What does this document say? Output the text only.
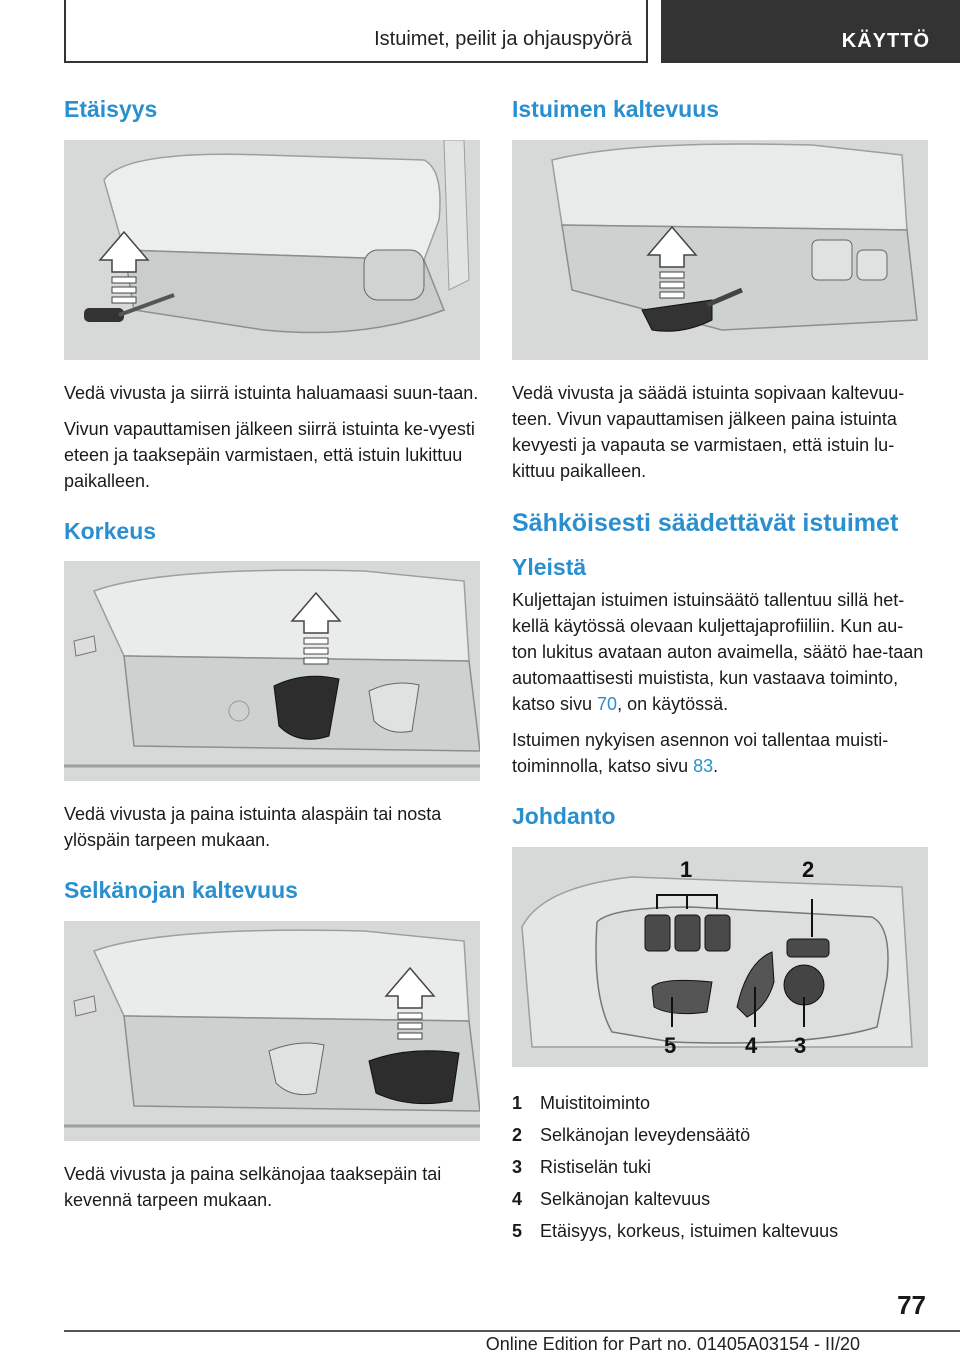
Istuimet, peilit ja ohjauspyörä	KÄYTTÖ
Etäisyys

Vedä vivusta ja siirrä istuinta haluamaasi suun-taan.

Vivun vapauttamisen jälkeen siirrä istuinta ke-vyesti eteen ja taaksepäin varmistaen, että istuin lukittuu paikalleen.

Korkeus

Vedä vivusta ja paina istuinta alaspäin tai nosta ylöspäin tarpeen mukaan.

Selkänojan kaltevuus

Vedä vivusta ja paina selkänojaa taaksepäin tai kevennä tarpeen mukaan.

Istuimen kaltevuus

Vedä vivusta ja säädä istuinta sopivaan kaltevuu-teen. Vivun vapauttamisen jälkeen paina istuinta kevyesti ja vapauta se varmistaen, että istuin lu-kittuu paikalleen.

Sähköisesti säädettävät istuimet
Yleistä

Kuljettajan istuimen istuinsäätö tallentuu sillä het-kellä käytössä olevaan kuljettajaprofiiliin. Kun au-ton lukitus avataan auton avaimella, säätö hae-taan automaattisesti muistista, kun vastaava toiminto, katso sivu 70, on käytössä.

Istuimen nykyisen asennon voi tallentaa muisti-toiminnolla, katso sivu 83.

Johdanto
1	2
3
4
5
1 Muistitoiminto
2 Selkänojan leveydensäätö
3 Ristiselän tuki
4 Selkänojan kaltevuus
5 Etäisyys, korkeus, istuimen kaltevuus
77
Online Edition for Part no. 01405A03154 - II/20
